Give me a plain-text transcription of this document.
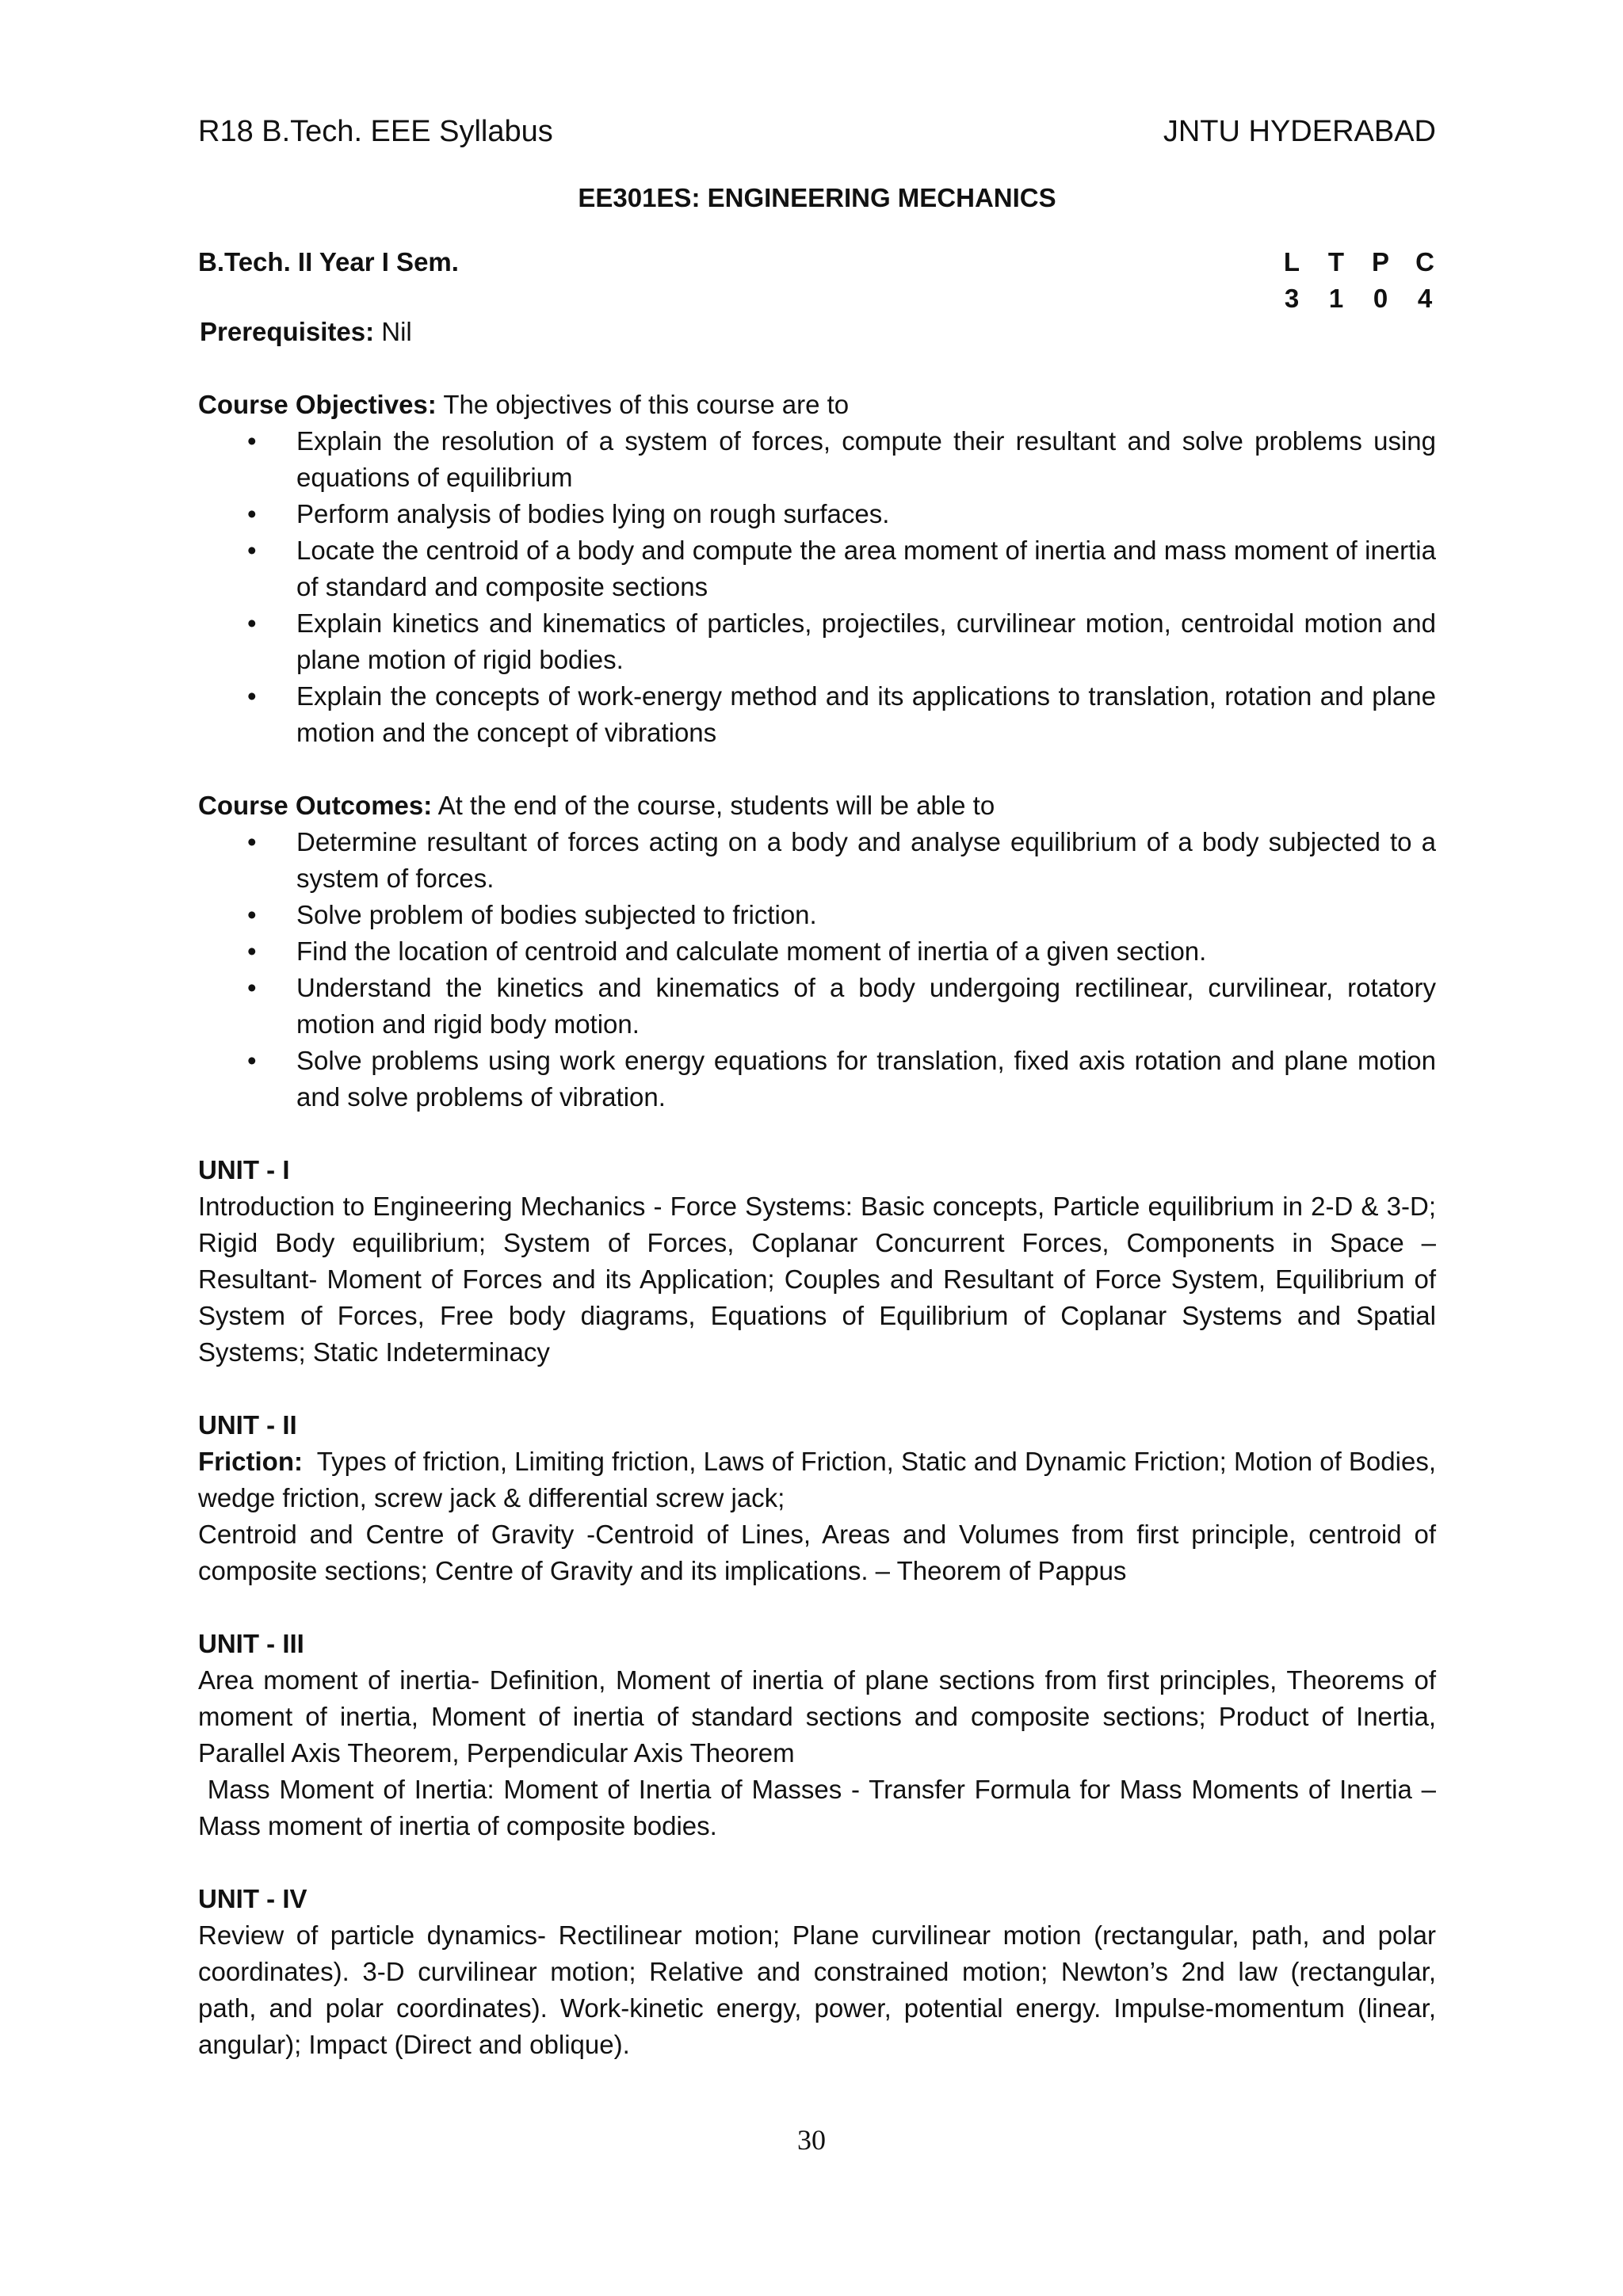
R18 B.Tech. EEE Syllabus	JNTU HYDERABAD
EE301ES: ENGINEERING MECHANICS
B.Tech. II Year I Sem.	L	T	P	C
3	1	0	4
Prerequisites: Nil
Course Objectives: The objectives of this course are to
• Explain the resolution of a system of forces, compute their resultant and solve problems using equations of equilibrium
• Perform analysis of bodies lying on rough surfaces.
• Locate the centroid of a body and compute the area moment of inertia and mass moment of inertia of standard and composite sections
• Explain kinetics and kinematics of particles, projectiles, curvilinear motion, centroidal motion and plane motion of rigid bodies.
• Explain the concepts of work-energy method and its applications to translation, rotation and plane motion and the concept of vibrations
Course Outcomes: At the end of the course, students will be able to
• Determine resultant of forces acting on a body and analyse equilibrium of a body subjected to a system of forces.
• Solve problem of bodies subjected to friction.
• Find the location of centroid and calculate moment of inertia of a given section.
• Understand the kinetics and kinematics of a body undergoing rectilinear, curvilinear, rotatory motion and rigid body motion.
• Solve problems using work energy equations for translation, fixed axis rotation and plane motion and solve problems of vibration.
UNIT - I

Introduction to Engineering Mechanics - Force Systems: Basic concepts, Particle equilibrium in 2-D & 3-D; Rigid Body equilibrium; System of Forces, Coplanar Concurrent Forces, Components in Space – Resultant- Moment of Forces and its Application; Couples and Resultant of Force System, Equilibrium of System of Forces, Free body diagrams, Equations of Equilibrium of Coplanar Systems and Spatial Systems; Static Indeterminacy

UNIT - II

Friction:  Types of friction, Limiting friction, Laws of Friction, Static and Dynamic Friction; Motion of Bodies, wedge friction, screw jack & differential screw jack;

Centroid and Centre of Gravity -Centroid of Lines, Areas and Volumes from first principle, centroid of composite sections; Centre of Gravity and its implications. – Theorem of Pappus

UNIT - III

Area moment of inertia- Definition, Moment of inertia of plane sections from first principles, Theorems of moment of inertia, Moment of inertia of standard sections and composite sections; Product of Inertia, Parallel Axis Theorem, Perpendicular Axis Theorem

Mass Moment of Inertia: Moment of Inertia of Masses - Transfer Formula for Mass Moments of Inertia – Mass moment of inertia of composite bodies.

UNIT - IV

Review of particle dynamics- Rectilinear motion; Plane curvilinear motion (rectangular, path, and polar coordinates). 3-D curvilinear motion; Relative and constrained motion; Newton’s 2nd law (rectangular, path, and polar coordinates). Work-kinetic energy, power, potential energy. Impulse-momentum (linear, angular); Impact (Direct and oblique).

30
